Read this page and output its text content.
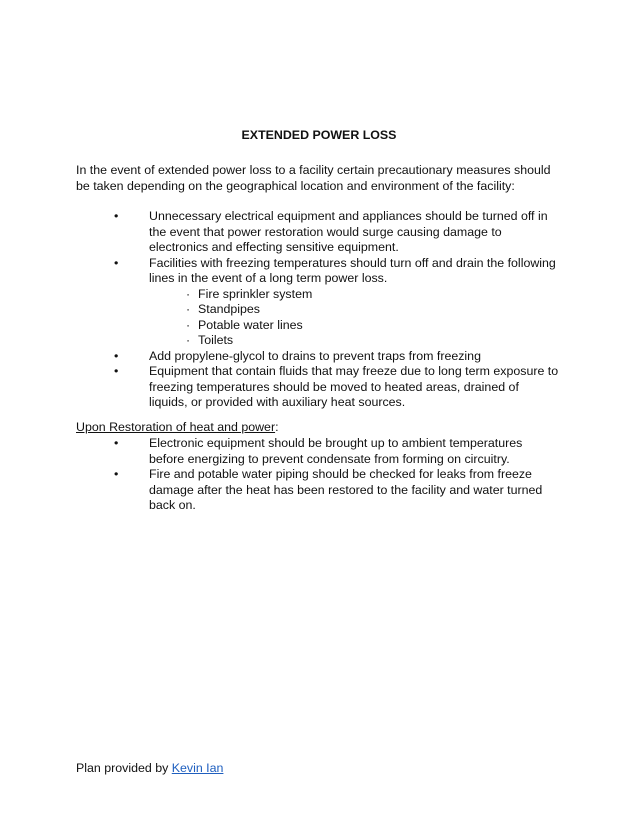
EXTENDED POWER LOSS
In the event of extended power loss to a facility certain precautionary measures should
be taken depending on the geographical location and environment of the facility:
• Unnecessary electrical equipment and appliances should be turned off in
the event that power restoration would surge causing damage to
electronics and effecting sensitive equipment.
• Facilities with freezing temperatures should turn off and drain the following
lines in the event of a long term power loss.
· Fire sprinkler system
· Standpipes
· Potable water lines
· Toilets
• Add propylene-glycol to drains to prevent traps from freezing
• Equipment that contain fluids that may freeze due to long term exposure to
freezing temperatures should be moved to heated areas, drained of
liquids, or provided with auxiliary heat sources.
Upon Restoration of heat and power:
• Electronic equipment should be brought up to ambient temperatures
before energizing to prevent condensate from forming on circuitry.
• Fire and potable water piping should be checked for leaks from freeze
damage after the heat has been restored to the facility and water turned
back on.
Plan provided by Kevin Ian
